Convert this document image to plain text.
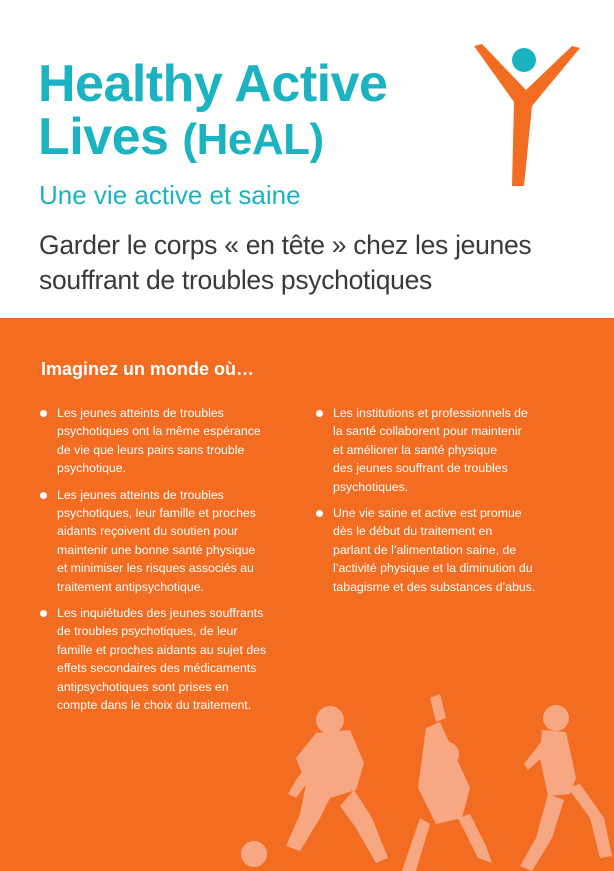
Healthy Active
Lives (HeAL)

Une vie active et saine

Garder le corps « en tête » chez les jeunes
souffrant de troubles psychotiques

Imaginez un monde où…
Les jeunes atteints de troubles
psychotiques ont la même espérance
de vie que leurs pairs sans trouble
psychotique.
Les jeunes atteints de troubles
psychotiques, leur famille et proches
aidants reçoivent du soutien pour
maintenir une bonne santé physique
et minimiser les risques associés au
traitement antipsychotique.
Les inquiétudes des jeunes souffrants
de troubles psychotiques, de leur
famille et proches aidants au sujet des
effets secondaires des médicaments
antipsychotiques sont prises en
compte dans le choix du traitement.
Les institutions et professionnels de
la santé collaborent pour maintenir
et améliorer la santé physique
des jeunes souffrant de troubles
psychotiques.
Une vie saine et active est promue
dès le début du traitement en
parlant de l’alimentation saine, de
l’activité physique et la diminution du
tabagisme et des substances d’abus.
